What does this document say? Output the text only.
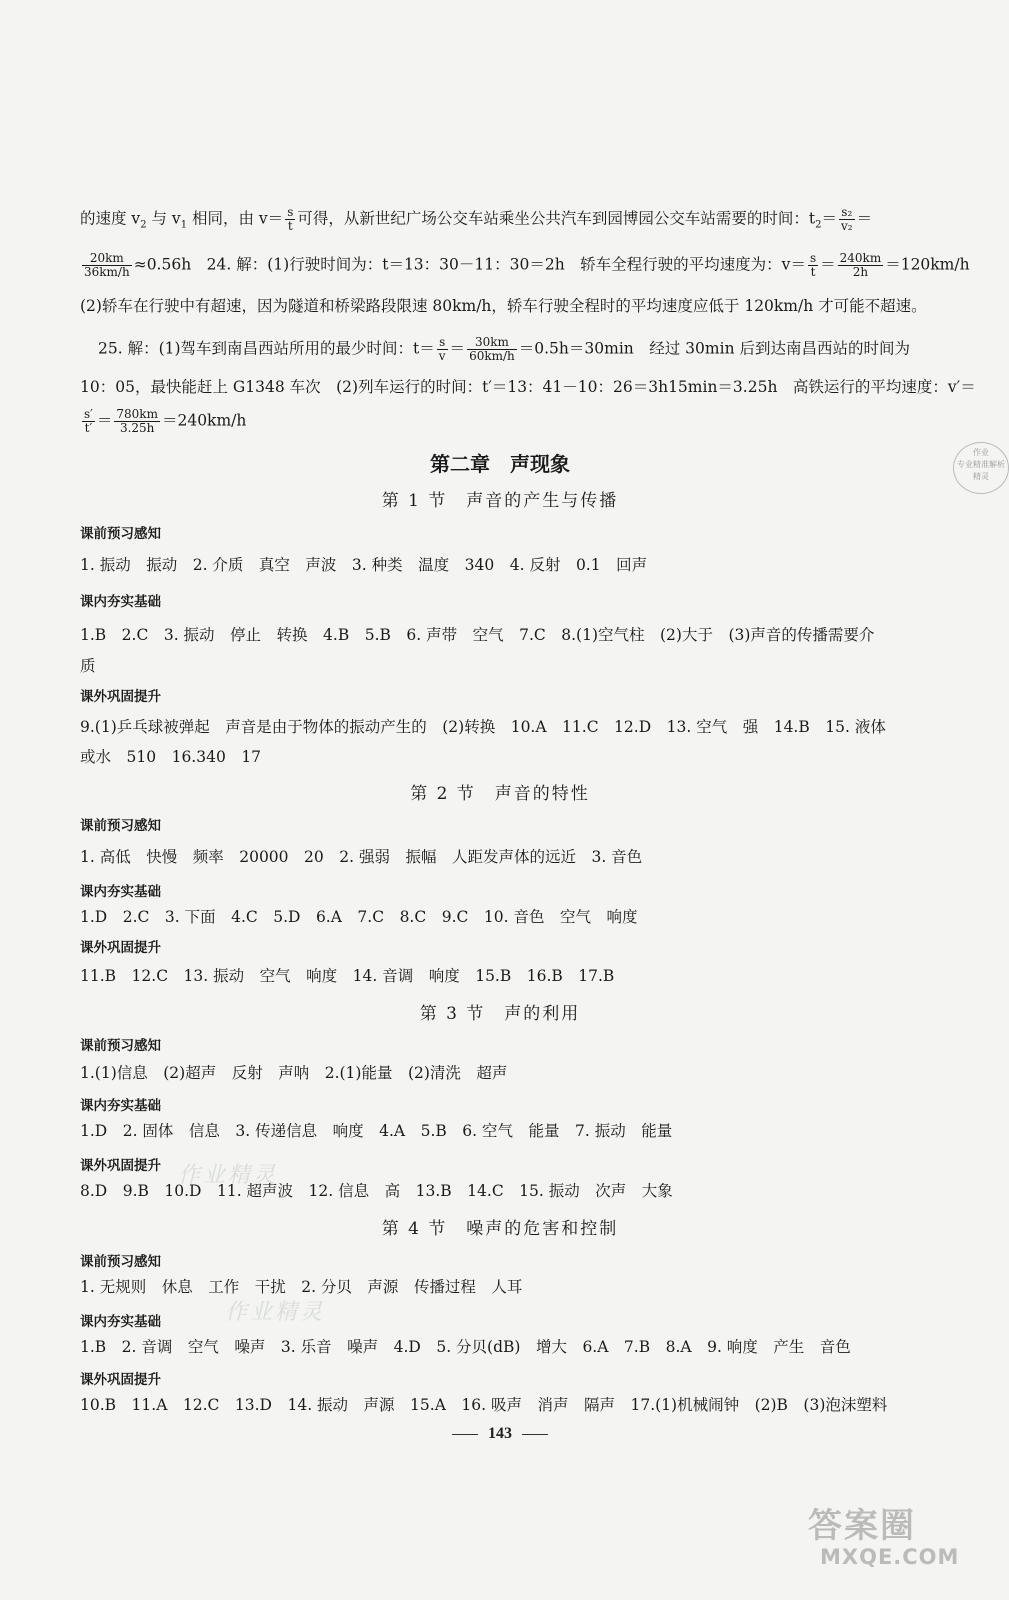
的速度 $v_2$ 与 $v_1$ 相同，由 $v= \frac{s}{t}$ 可得，从新世纪广场公交车站乘坐公共汽车到园博园公交车站需要的时间：$t_2= \frac{\text{s₂}}{\text{v₂}}$ ＝
$\frac{20km}{36km/h} \approx 0.56h$　24. 解：(1)行驶时间为：t＝13：30－11：30＝2h　轿车全程行驶的平均速度为：$v= \frac{s}{t} = \frac{240km}{2h} =120km/h$
(2)轿车在行驶中有超速，因为隧道和桥梁路段限速 80km/h，轿车行驶全程时的平均速度应低于 120km/h 才可能不超速。
25. 解：(1)驾车到南昌西站所用的最少时间：$t= \frac{s}{v} = \frac{30km}{60km/h} =0.5h=30\min$　经过 30min 后到达南昌西站的时间为
10：05，最快能赶上 G1348 车次　(2)列车运行的时间：t′＝13：41－10：26＝3h15min＝3.25h　高铁运行的平均速度：v′＝
$\frac{s'}{t'} = \frac{780km}{3.25h} =240km/h$
第二章　声现象
第 1 节　声音的产生与传播
课前预习感知
1. 振动　振动　2. 介质　真空　声波　3. 种类　温度　340　4. 反射　0.1　回声
课内夯实基础
1.B　2.C　3. 振动　停止　转换　4.B　5.B　6. 声带　空气　7.C　8.(1)空气柱　(2)大于　(3)声音的传播需要介
质
课外巩固提升
9.(1)乒乓球被弹起　声音是由于物体的振动产生的　(2)转换　10.A　11.C　12.D　13. 空气　强　14.B　15. 液体
或水　510　16.340　17
第 2 节　声音的特性
课前预习感知
1. 高低　快慢　频率　20000　20　2. 强弱　振幅　人距发声体的远近　3. 音色
课内夯实基础
1.D　2.C　3. 下面　4.C　5.D　6.A　7.C　8.C　9.C　10. 音色　空气　响度
课外巩固提升
11.B　12.C　13. 振动　空气　响度　14. 音调　响度　15.B　16.B　17.B
第 3 节　声的利用
课前预习感知
1.(1)信息　(2)超声　反射　声呐　2.(1)能量　(2)清洗　超声
课内夯实基础
1.D　2. 固体　信息　3. 传递信息　响度　4.A　5.B　6. 空气　能量　7. 振动　能量
课外巩固提升
8.D　9.B　10.D　11. 超声波　12. 信息　高　13.B　14.C　15. 振动　次声　大象
第 4 节　噪声的危害和控制
课前预习感知
1. 无规则　休息　工作　干扰　2. 分贝　声源　传播过程　人耳
课内夯实基础
1.B　2. 音调　空气　噪声　3. 乐音　噪声　4.D　5. 分贝(dB)　增大　6.A　7.B　8.A　9. 响度　产生　音色
课外巩固提升
10.B　11.A　12.C　13.D　14. 振动　声源　15.A　16. 吸声　消声　隔声　17.(1)机械闹钟　(2)B　(3)泡沫塑料
143
作业
专业精准解析
精灵
作业精灵
作业精灵
答案圈
MXQE.COM
